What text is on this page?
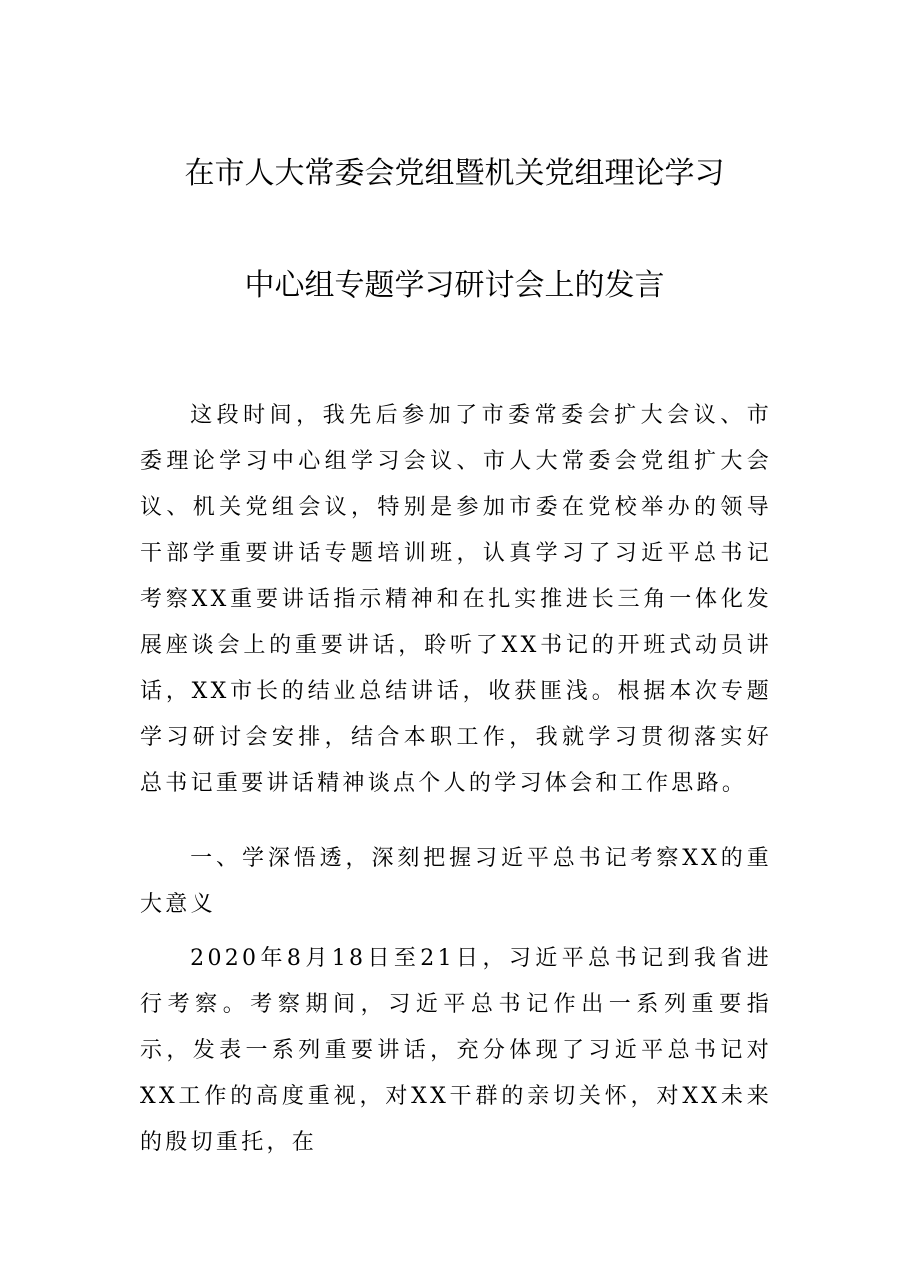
在市人大常委会党组暨机关党组理论学习
中心组专题学习研讨会上的发言

这段时间，我先后参加了市委常委会扩大会议、市委理论学习中心组学习会议、市人大常委会党组扩大会议、机关党组会议，特别是参加市委在党校举办的领导干部学重要讲话专题培训班，认真学习了习近平总书记考察XX重要讲话指示精神和在扎实推进长三角一体化发展座谈会上的重要讲话，聆听了XX书记的开班式动员讲话，XX市长的结业总结讲话，收获匪浅。根据本次专题学习研讨会安排，结合本职工作，我就学习贯彻落实好总书记重要讲话精神谈点个人的学习体会和工作思路。

一、学深悟透，深刻把握习近平总书记考察XX的重大意义

2020年8月18日至21日，习近平总书记到我省进行考察。考察期间，习近平总书记作出一系列重要指示，发表一系列重要讲话，充分体现了习近平总书记对XX工作的高度重视，对XX干群的亲切关怀，对XX未来的殷切重托，在
